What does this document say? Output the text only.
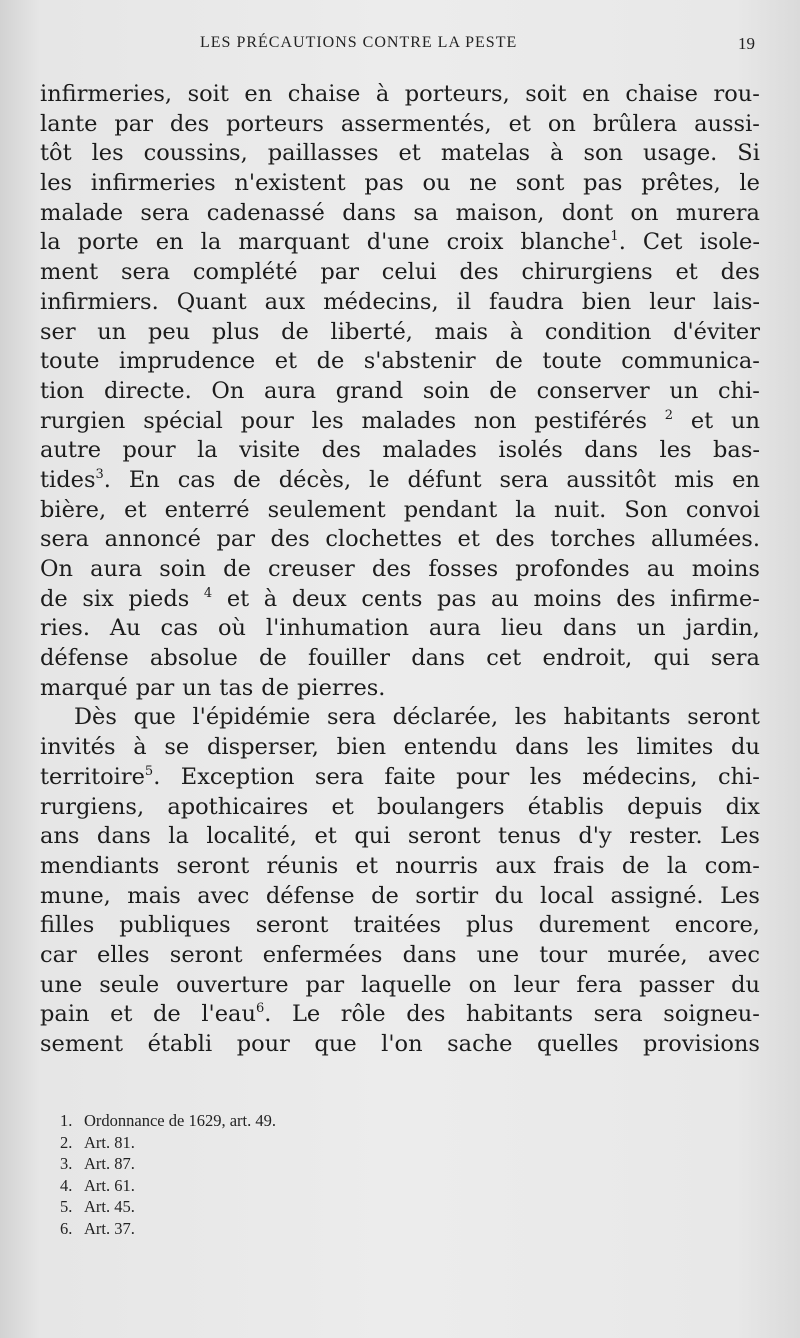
LES PRÉCAUTIONS CONTRE LA PESTE	19
infirmeries, soit en chaise à porteurs, soit en chaise rou-
lante par des porteurs assermentés, et on brûlera aussi-
tôt les coussins, paillasses et matelas à son usage. Si
les infirmeries n'existent pas ou ne sont pas prêtes, le
malade sera cadenassé dans sa maison, dont on murera
la porte en la marquant d'une croix blanche$^1$. Cet isole-
ment sera complété par celui des chirurgiens et des
infirmiers. Quant aux médecins, il faudra bien leur lais-
ser un peu plus de liberté, mais à condition d'éviter
toute imprudence et de s'abstenir de toute communica-
tion directe. On aura grand soin de conserver un chi-
rurgien spécial pour les malades non pestiférés $^2$ et un
autre pour la visite des malades isolés dans les bas-
tides$^3$. En cas de décès, le défunt sera aussitôt mis en
bière, et enterré seulement pendant la nuit. Son convoi
sera annoncé par des clochettes et des torches allumées.
On aura soin de creuser des fosses profondes au moins
de six pieds $^4$ et à deux cents pas au moins des infirme-
ries. Au cas où l'inhumation aura lieu dans un jardin,
défense absolue de fouiller dans cet endroit, qui sera
marqué par un tas de pierres.
Dès que l'épidémie sera déclarée, les habitants seront
invités à se disperser, bien entendu dans les limites du
territoire$^5$. Exception sera faite pour les médecins, chi-
rurgiens, apothicaires et boulangers établis depuis dix
ans dans la localité, et qui seront tenus d'y rester. Les
mendiants seront réunis et nourris aux frais de la com-
mune, mais avec défense de sortir du local assigné. Les
filles publiques seront traitées plus durement encore,
car elles seront enfermées dans une tour murée, avec
une seule ouverture par laquelle on leur fera passer du
pain et de l'eau$^6$. Le rôle des habitants sera soigneu-
sement établi pour que l'on sache quelles provisions
1. Ordonnance de 1629, art. 49.
2. Art. 81.
3. Art. 87.
4. Art. 61.
5. Art. 45.
6. Art. 37.
